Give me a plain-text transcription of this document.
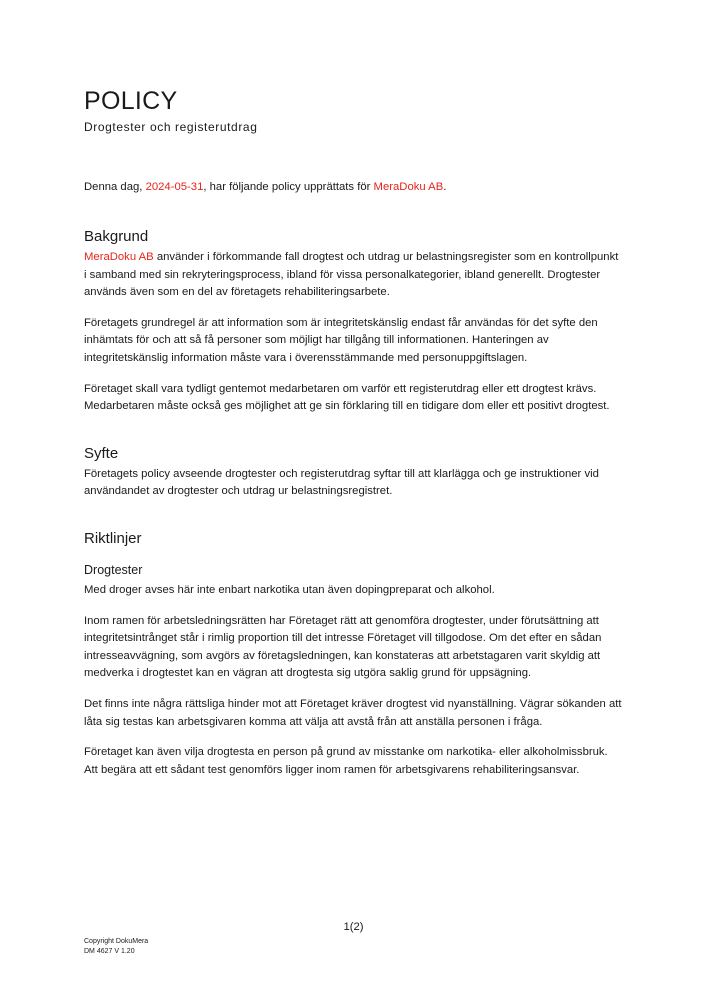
POLICY
Drogtester och registerutdrag

Denna dag, 2024-05-31, har följande policy upprättats för MeraDoku AB.

Bakgrund

MeraDoku AB använder i förkommande fall drogtest och utdrag ur belastningsregister som en kontrollpunkt i samband med sin rekryteringsprocess, ibland för vissa personalkategorier, ibland generellt. Drogtester används även som en del av företagets rehabiliteringsarbete.

Företagets grundregel är att information som är integritetskänslig endast får användas för det syfte den inhämtats för och att så få personer som möjligt har tillgång till informationen. Hanteringen av integritetskänslig information måste vara i överensstämmande med personuppgiftslagen.

Företaget skall vara tydligt gentemot medarbetaren om varför ett registerutdrag eller ett drogtest krävs. Medarbetaren måste också ges möjlighet att ge sin förklaring till en tidigare dom eller ett positivt drogtest.

Syfte

Företagets policy avseende drogtester och registerutdrag syftar till att klarlägga och ge instruktioner vid användandet av drogtester och utdrag ur belastningsregistret.

Riktlinjer
Drogtester

Med droger avses här inte enbart narkotika utan även dopingpreparat och alkohol.

Inom ramen för arbetsledningsrätten har Företaget rätt att genomföra drogtester, under förutsättning att integritetsintrånget står i rimlig proportion till det intresse Företaget vill tillgodose. Om det efter en sådan intresseavvägning, som avgörs av företagsledningen, kan konstateras att arbetstagaren varit skyldig att medverka i drogtestet kan en vägran att drogtesta sig utgöra saklig grund för uppsägning.

Det finns inte några rättsliga hinder mot att Företaget kräver drogtest vid nyanställning. Vägrar sökanden att låta sig testas kan arbetsgivaren komma att välja att avstå från att anställa personen i fråga.

Företaget kan även vilja drogtesta en person på grund av misstanke om narkotika- eller alkoholmissbruk. Att begära att ett sådant test genomförs ligger inom ramen för arbetsgivarens rehabiliteringsansvar.

1(2)
Copyright DokuMera
DM 4627 V 1.20
